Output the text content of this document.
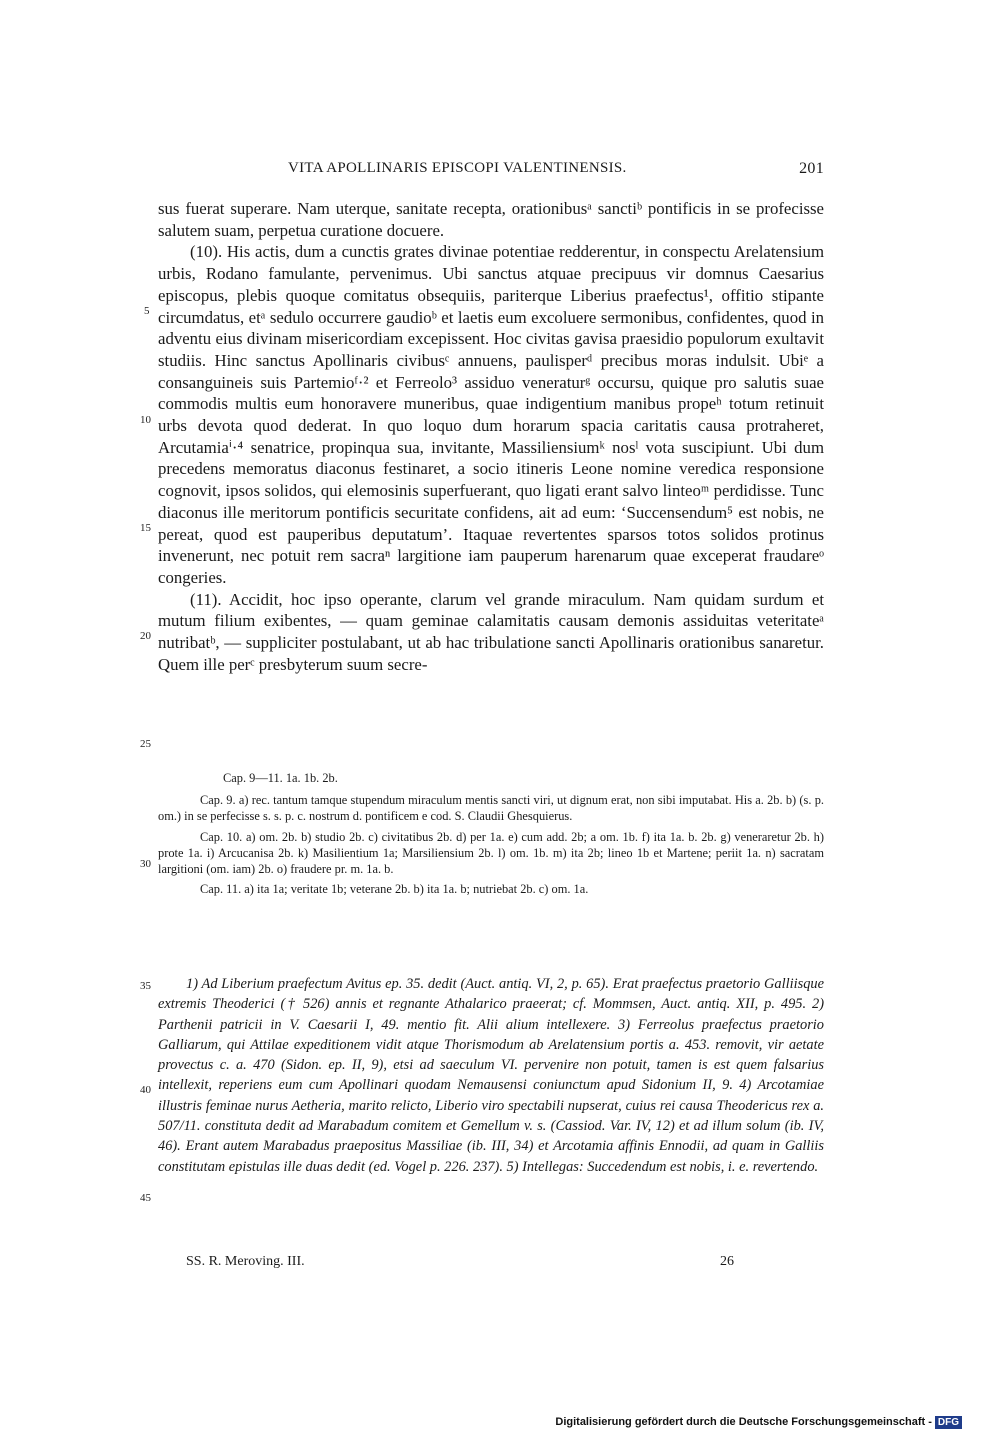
VITA APOLLINARIS EPISCOPI VALENTINENSIS.	201

sus fuerat superare. Nam uterque, sanitate recepta, orationibusᵃ sanctiᵇ pontificis in se profecisse salutem suam, perpetua curatione docuere.

(10). His actis, dum a cunctis grates divinae potentiae redderentur, in conspectu Arelatensium urbis, Rodano famulante, pervenimus. Ubi sanctus atquae precipuus vir domnus Caesarius episcopus, plebis quoque comitatus obsequiis, pariterque Liberius praefectus¹, offitio stipante circumdatus, etᵃ sedulo occurrere gaudioᵇ et laetis eum excoluere sermonibus, confidentes, quod in adventu eius divinam misericordiam excepissent. Hoc civitas gavisa praesidio populorum exultavit studiis. Hinc sanctus Apollinaris civibusᶜ annuens, paulisperᵈ precibus moras indulsit. Ubiᵉ a consanguineis suis Partemioᶠ·² et Ferreolo³ assiduo veneraturᵍ occursu, quique pro salutis suae commodis multis eum honoravere muneribus, quae indigentium manibus propeʰ totum retinuit urbs devota quod dederat. In quo loquo dum horarum spacia caritatis causa protraheret, Arcutamiaⁱ·⁴ senatrice, propinqua sua, invitante, Massiliensiumᵏ nosˡ vota suscipiunt. Ubi dum precedens memoratus diaconus festinaret, a socio itineris Leone nomine veredica responsione cognovit, ipsos solidos, qui elemosinis superfuerant, quo ligati erant salvo linteoᵐ perdidisse. Tunc diaconus ille meritorum pontificis securitate confidens, ait ad eum: ‘Succensendum⁵ est nobis, ne pereat, quod est pauperibus deputatum’. Itaquae revertentes sparsos totos solidos protinus invenerunt, nec potuit rem sacraⁿ largitione iam pauperum harenarum quae exceperat fraudareᵒ congeries.

(11). Accidit, hoc ipso operante, clarum vel grande miraculum. Nam quidam surdum et mutum filium exibentes, — quam geminae calamitatis causam demonis assiduitas veteritateᵃ nutribatᵇ, — suppliciter postulabant, ut ab hac tribulatione sancti Apollinaris orationibus sanaretur. Quem ille perᶜ presbyterum suum secre-

5
10
15
20
25
Cap. 9—11. 1a. 1b. 2b.

Cap. 9. a) rec. tantum tamque stupendum miraculum mentis sancti viri, ut dignum erat, non sibi imputabat. His a. 2b. b) (s. p. om.) in se perfecisse s. s. p. c. nostrum d. pontificem e cod. S. Claudii Ghesquierus.

Cap. 10. a) om. 2b. b) studio 2b. c) civitatibus 2b. d) per 1a. e) cum add. 2b; a om. 1b. f) ita 1a. b. 2b. g) veneraretur 2b. h) prote 1a. i) Arcucanisa 2b. k) Masilientium 1a; Marsiliensium 2b. l) om. 1b. m) ita 2b; lineo 1b et Martene; periit 1a. n) sacratam largitioni (om. iam) 2b. o) fraudere pr. m. 1a. b.

Cap. 11. a) ita 1a; veritate 1b; veterane 2b. b) ita 1a. b; nutriebat 2b. c) om. 1a.

30

1) Ad Liberium praefectum Avitus ep. 35. dedit (Auct. antiq. VI, 2, p. 65). Erat praefectus praetorio Galliisque extremis Theoderici († 526) annis et regnante Athalarico praeerat; cf. Mommsen, Auct. antiq. XII, p. 495. 2) Parthenii patricii in V. Caesarii I, 49. mentio fit. Alii alium intellexere. 3) Ferreolus praefectus praetorio Galliarum, qui Attilae expeditionem vidit atque Thorismodum ab Arelatensium portis a. 453. removit, vir aetate provectus c. a. 470 (Sidon. ep. II, 9), etsi ad saeculum VI. pervenire non potuit, tamen is est quem falsarius intellexit, reperiens eum cum Apollinari quodam Nemausensi coniunctum apud Sidonium II, 9. 4) Arcotamiae illustris feminae nurus Aetheria, marito relicto, Liberio viro spectabili nupserat, cuius rei causa Theodericus rex a. 507/11. constituta dedit ad Marabadum comitem et Gemellum v. s. (Cassiod. Var. IV, 12) et ad illum solum (ib. IV, 46). Erant autem Marabadus praepositus Massiliae (ib. III, 34) et Arcotamia affinis Ennodii, ad quam in Galliis constitutam epistulas ille duas dedit (ed. Vogel p. 226. 237). 5) Intellegas: Succedendum est nobis, i. e. revertendo.

35
40
45
SS. R. Meroving. III.	26
Digitalisierung gefördert durch die Deutsche Forschungsgemeinschaft - DFG
